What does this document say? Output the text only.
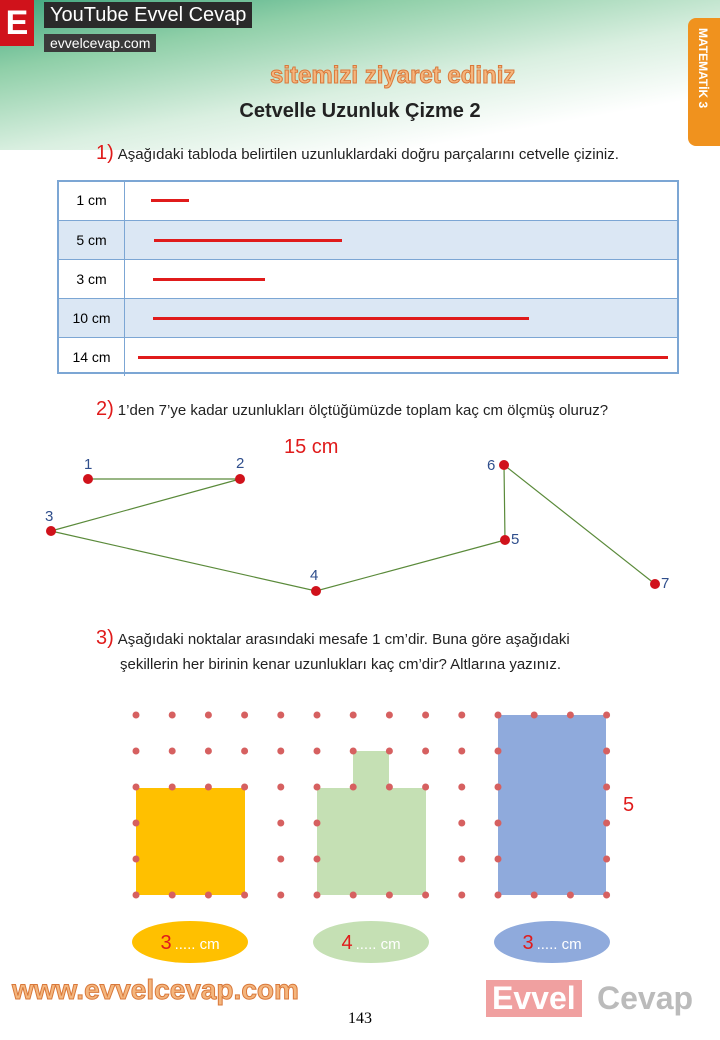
E	YouTube Evvel Cevap
evvelcevap.com	MATEMATİK 3
sitemizi ziyaret ediniz
Cetvelle Uzunluk Çizme 2
1) Aşağıdaki tabloda belirtilen uzunluklardaki doğru parçalarını cetvelle çiziniz.
1 cm
5 cm
3 cm
10 cm
14 cm
2) 1’den 7’ye kadar uzunlukları ölçtüğümüzde toplam kaç cm ölçmüş oluruz?
15 cm
1	2
3
4
5
6
7
3) Aşağıdaki noktalar arasındaki mesafe 1 cm’dir. Buna göre aşağıdaki
şekillerin her birinin kenar uzunlukları kaç cm’dir? Altlarına yazınız.
5
3 ..... cm	4 ..... cm	3 ..... cm
www.evvelcevap.com
143
Evvel Cevap
